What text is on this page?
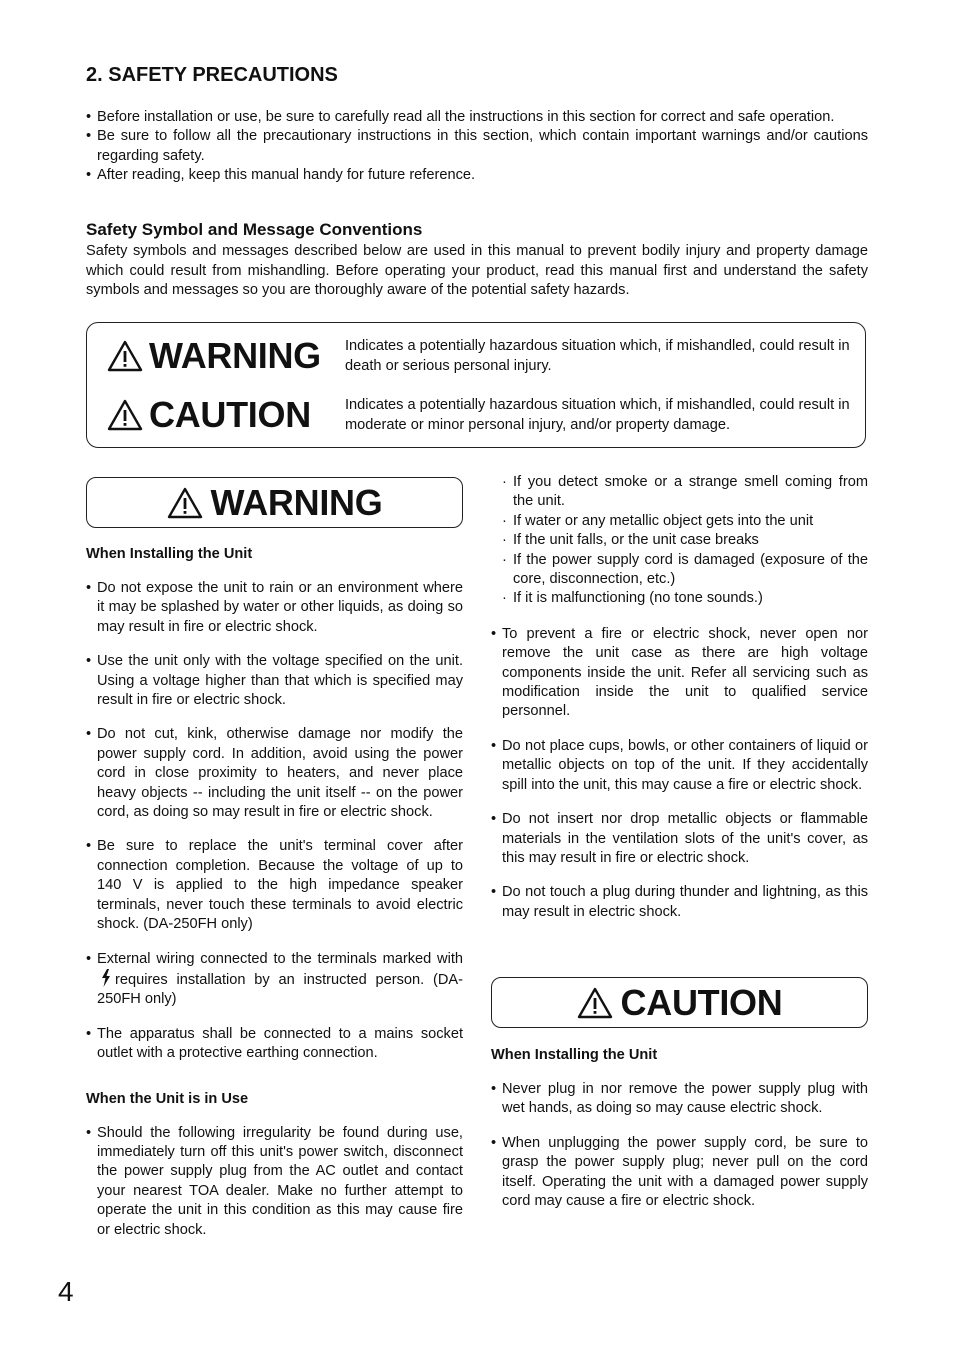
2. SAFETY PRECAUTIONS
• Before installation or use, be sure to carefully read all the instructions in this section for correct and safe operation.
• Be sure to follow all the precautionary instructions in this section, which contain important warnings and/or cautions regarding safety.
• After reading, keep this manual handy for future reference.
Safety Symbol and Message Conventions

Safety symbols and messages described below are used in this manual to prevent bodily injury and property damage which could result from mishandling. Before operating your product, read this manual first and understand the safety symbols and messages so you are thoroughly aware of the potential safety hazards.

WARNING Indicates a potentially hazardous situation which, if mishandled, could result in death or serious personal injury.
CAUTION Indicates a potentially hazardous situation which, if mishandled, could result in moderate or minor personal injury, and/or property damage.
WARNING

When Installing the Unit

• Do not expose the unit to rain or an environment where it may be splashed by water or other liquids, as doing so may result in fire or electric shock.
• Use the unit only with the voltage specified on the unit. Using a voltage higher than that which is specified may result in fire or electric shock.
• Do not cut, kink, otherwise damage nor modify the power supply cord. In addition, avoid using the power cord in close proximity to heaters, and never place heavy objects -- including the unit itself -- on the power cord, as doing so may result in fire or electric shock.
• Be sure to replace the unit's terminal cover after connection completion. Because the voltage of up to 140 V is applied to the high impedance speaker terminals, never touch these terminals to avoid electric shock. (DA-250FH only)
• External wiring connected to the terminals marked withrequires installation by an instructed person. (DA-250FH only)
• The apparatus shall be connected to a mains socket outlet with a protective earthing connection.

When the Unit is in Use

• Should the following irregularity be found during use, immediately turn off this unit's power switch, disconnect the power supply plug from the AC outlet and contact your nearest TOA dealer. Make no further attempt to operate the unit in this condition as this may cause fire or electric shock.
· If you detect smoke or a strange smell coming from the unit.
· If water or any metallic object gets into the unit
· If the unit falls, or the unit case breaks
· If the power supply cord is damaged (exposure of the core, disconnection, etc.)
· If it is malfunctioning (no tone sounds.)
• To prevent a fire or electric shock, never open nor remove the unit case as there are high voltage components inside the unit. Refer all servicing such as modification inside the unit to qualified service personnel.
• Do not place cups, bowls, or other containers of liquid or metallic objects on top of the unit. If they accidentally spill into the unit, this may cause a fire or electric shock.
• Do not insert nor drop metallic objects or flammable materials in the ventilation slots of the unit's cover, as this may result in fire or electric shock.
• Do not touch a plug during thunder and lightning, as this may result in electric shock.
CAUTION

When Installing the Unit

• Never plug in nor remove the power supply plug with wet hands, as doing so may cause electric shock.
• When unplugging the power supply cord, be sure to grasp the power supply plug; never pull on the cord itself. Operating the unit with a damaged power supply cord may cause a fire or electric shock.
4
